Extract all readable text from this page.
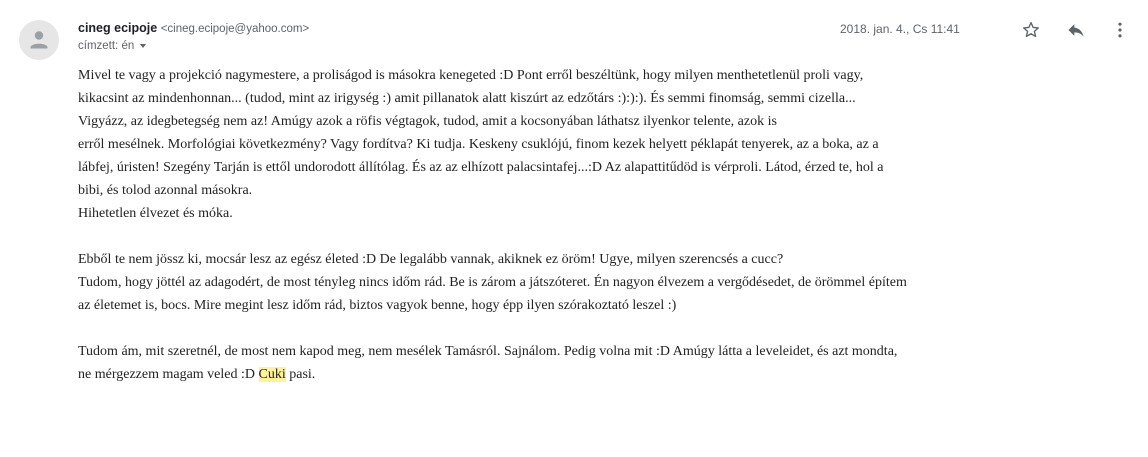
cineg ecipoje <cineg.ecipoje@yahoo.com>
címzett: én
2018. jan. 4., Cs 11:41

Mivel te vagy a projekció nagymestere, a proliságod is másokra kenegeted :D Pont erről beszéltünk, hogy milyen menthetetlenül proli vagy,

kikacsint az mindenhonnan... (tudod, mint az irigység :) amit pillanatok alatt kiszúrt az edzőtárs :):):). És semmi finomság, semmi cizella...

Vigyázz, az idegbetegség nem az! Amúgy azok a röfis végtagok, tudod, amit a kocsonyában láthatsz ilyenkor telente, azok is

erről mesélnek. Morfológiai következmény? Vagy fordítva? Ki tudja. Keskeny csuklójú, finom kezek helyett péklapát tenyerek, az a boka, az a

lábfej, úristen! Szegény Tarján is ettől undorodott állítólag. És az az elhízott palacsintafej...:D Az alapattitűdöd is vérproli. Látod, érzed te, hol a

bibi, és tolod azonnal másokra.

Hihetetlen élvezet és móka.

Ebből te nem jössz ki, mocsár lesz az egész életed :D De legalább vannak, akiknek ez öröm! Ugye, milyen szerencsés a cucc?

Tudom, hogy jöttél az adagodért, de most tényleg nincs időm rád. Be is zárom a játszóteret. Én nagyon élvezem a vergődésedet, de örömmel építem

az életemet is, bocs. Mire megint lesz időm rád, biztos vagyok benne, hogy épp ilyen szórakoztató leszel :)

Tudom ám, mit szeretnél, de most nem kapod meg, nem mesélek Tamásról. Sajnálom. Pedig volna mit :D Amúgy látta a leveleidet, és azt mondta,

ne mérgezzem magam veled :D Cuki pasi.
